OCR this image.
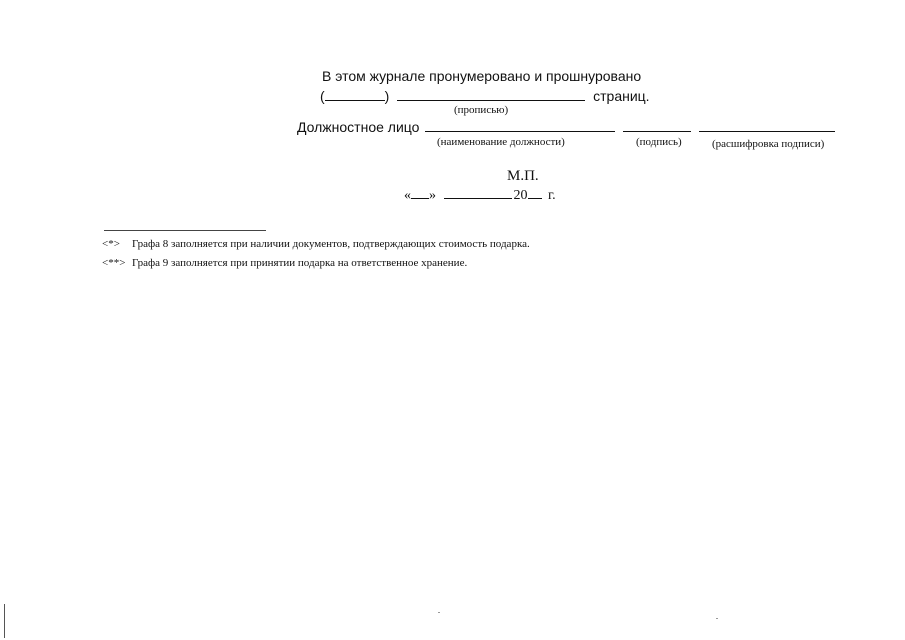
В этом журнале пронумеровано и прошнуровано
(	)	страниц.
(прописью)
Должностное лицо
(наименование должности)	(подпись)	(расшифровка подписи)
М.П.
« »	20 г.
<*> Графа 8 заполняется при наличии документов, подтверждающих стоимость подарка.
<**> Графа 9 заполняется при принятии подарка на ответственное хранение.
